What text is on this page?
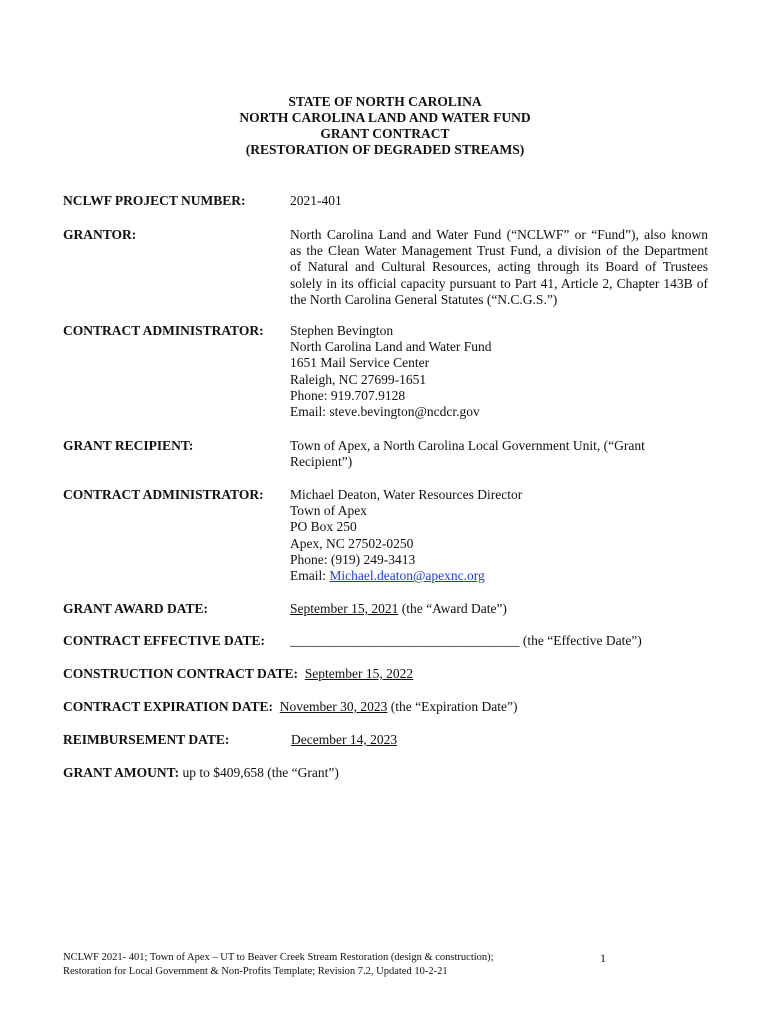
STATE OF NORTH CAROLINA
NORTH CAROLINA LAND AND WATER FUND
GRANT CONTRACT
(RESTORATION OF DEGRADED STREAMS)
NCLWF PROJECT NUMBER:	2021-401
GRANTOR:	North Carolina Land and Water Fund (“NCLWF” or “Fund”), also known
as the Clean Water Management Trust Fund, a division of the Department
of Natural and Cultural Resources, acting through its Board of Trustees
solely in its official capacity pursuant to Part 41, Article 2, Chapter 143B of
the North Carolina General Statutes (“N.C.G.S.”)
CONTRACT ADMINISTRATOR: Stephen Bevington
North Carolina Land and Water Fund
1651 Mail Service Center
Raleigh, NC 27699-1651
Phone: 919.707.9128
Email: steve.bevington@ncdcr.gov
GRANT RECIPIENT:	Town of Apex, a North Carolina Local Government Unit, (“Grant
Recipient”)
CONTRACT ADMINISTRATOR: Michael Deaton, Water Resources Director
Town of Apex
PO Box 250
Apex, NC 27502-0250
Phone: (919) 249-3413
Email: Michael.deaton@apexnc.org
GRANT AWARD DATE:	September 15, 2021 (the “Award Date”)
CONTRACT EFFECTIVE DATE: __________________________________ (the “Effective Date”)
CONSTRUCTION CONTRACT DATE: September 15, 2022
CONTRACT EXPIRATION DATE: November 30, 2023 (the “Expiration Date”)
REIMBURSEMENT DATE:	December 14, 2023
GRANT AMOUNT: up to $409,658 (the “Grant”)
NCLWF 2021- 401; Town of Apex – UT to Beaver Creek Stream Restoration (design & construction);
Restoration for Local Government & Non-Profits Template; Revision 7.2, Updated 10-2-21
1
